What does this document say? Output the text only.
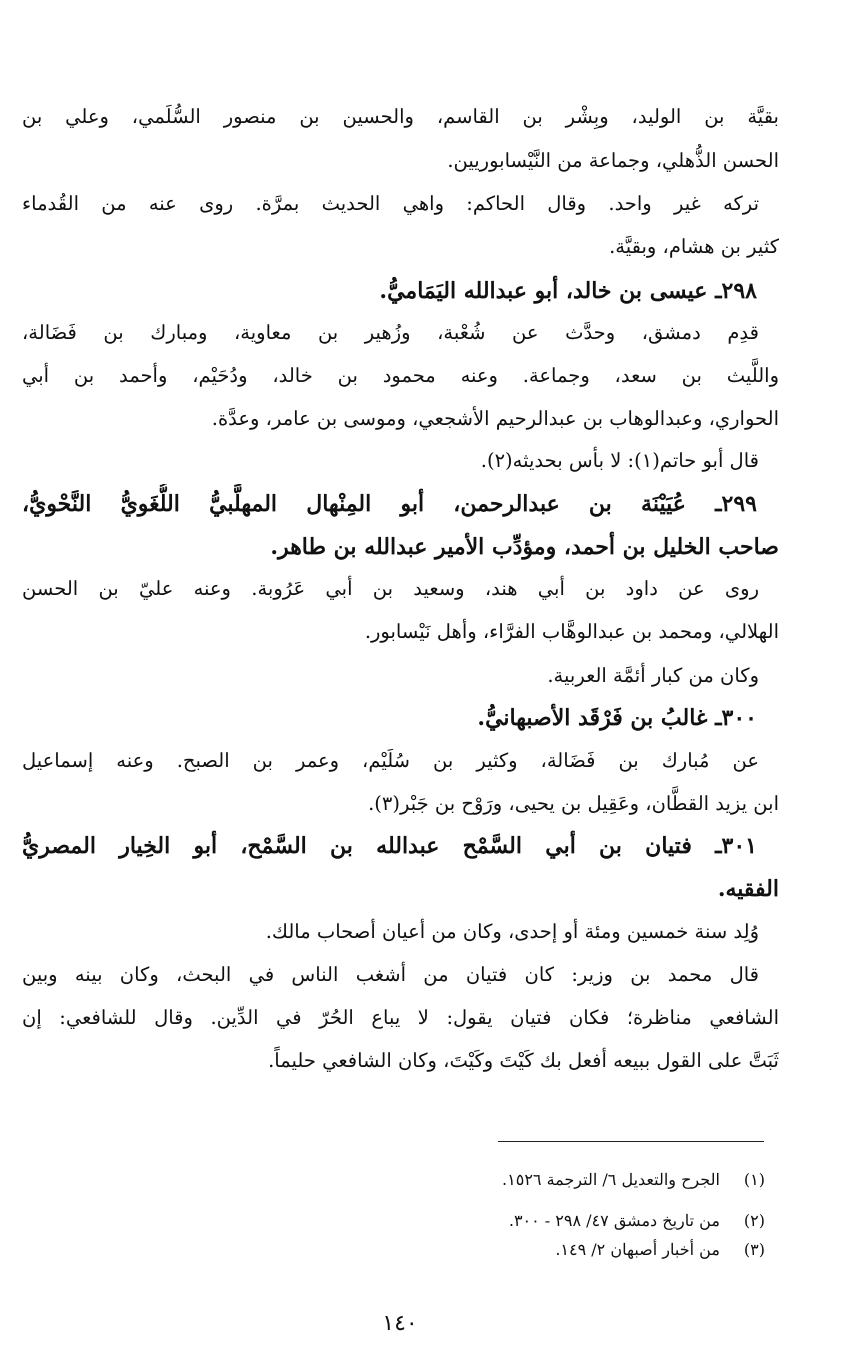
بقيَّة بن الوليد، وبِشْر بن القاسم، والحسين بن منصور السُّلَمي، وعلي بن
الحسن الذُّهلي، وجماعة من النَّيْسابوريين.
تركه غير واحد. وقال الحاكم: واهي الحديث بمرَّة. روى عنه من القُدماء
كثير بن هشام، وبقيَّة.
٢٩٨ـ عيسى بن خالد، أبو عبدالله اليَمَاميُّ.
قدِم دمشق، وحدَّث عن شُعْبة، وزُهير بن معاوية، ومبارك بن فَضَالة،
واللَّيث بن سعد، وجماعة. وعنه محمود بن خالد، ودُحَيْم، وأحمد بن أبي
الحواري، وعبدالوهاب بن عبدالرحيم الأشجعي، وموسى بن عامر، وعدَّة.
قال أبو حاتم(١): لا بأس بحديثه(٢).
٢٩٩ـ عُيَيْنَة بن عبدالرحمن، أبو المِنْهال المهلَّبيُّ اللُّغَويُّ النَّحْويُّ،
صاحب الخليل بن أحمد، ومؤدِّب الأمير عبدالله بن طاهر.
روى عن داود بن أبي هند، وسعيد بن أبي عَرُوبة. وعنه عليّ بن الحسن
الهلالي، ومحمد بن عبدالوهَّاب الفرَّاء، وأهل نَيْسابور.
وكان من كبار أئمَّة العربية.
٣٠٠ـ غالبُ بن فَرْقَد الأصبهانيُّ.
عن مُبارك بن فَضَالة، وكثير بن سُلَيْم، وعمر بن الصبح. وعنه إسماعيل
ابن يزيد القطَّان، وعَقِيل بن يحيى، ورَوْح بن جَبْر(٣).
٣٠١ـ فتيان بن أبي السَّمْح عبدالله بن السَّمْح، أبو الخِيار المصريُّ
الفقيه.
وُلِد سنة خمسين ومئة أو إحدى، وكان من أعيان أصحاب مالك.
قال محمد بن وزير: كان فتيان من أشغب الناس في البحث، وكان بينه وبين
الشافعي مناظرة؛ فكان فتيان يقول: لا يباع الحُرّ في الدِّين. وقال للشافعي: إن
ثَبَتَّ على القول ببيعه أفعل بك كَيْتَ وكَيْتَ، وكان الشافعي حليماً.
(١) الجرح والتعديل ٦/ الترجمة ١٥٢٦.
(٢) من تاريخ دمشق ٤٧/ ٢٩٨ - ٣٠٠.
(٣) من أخبار أصبهان ٢/ ١٤٩.
١٤٠
